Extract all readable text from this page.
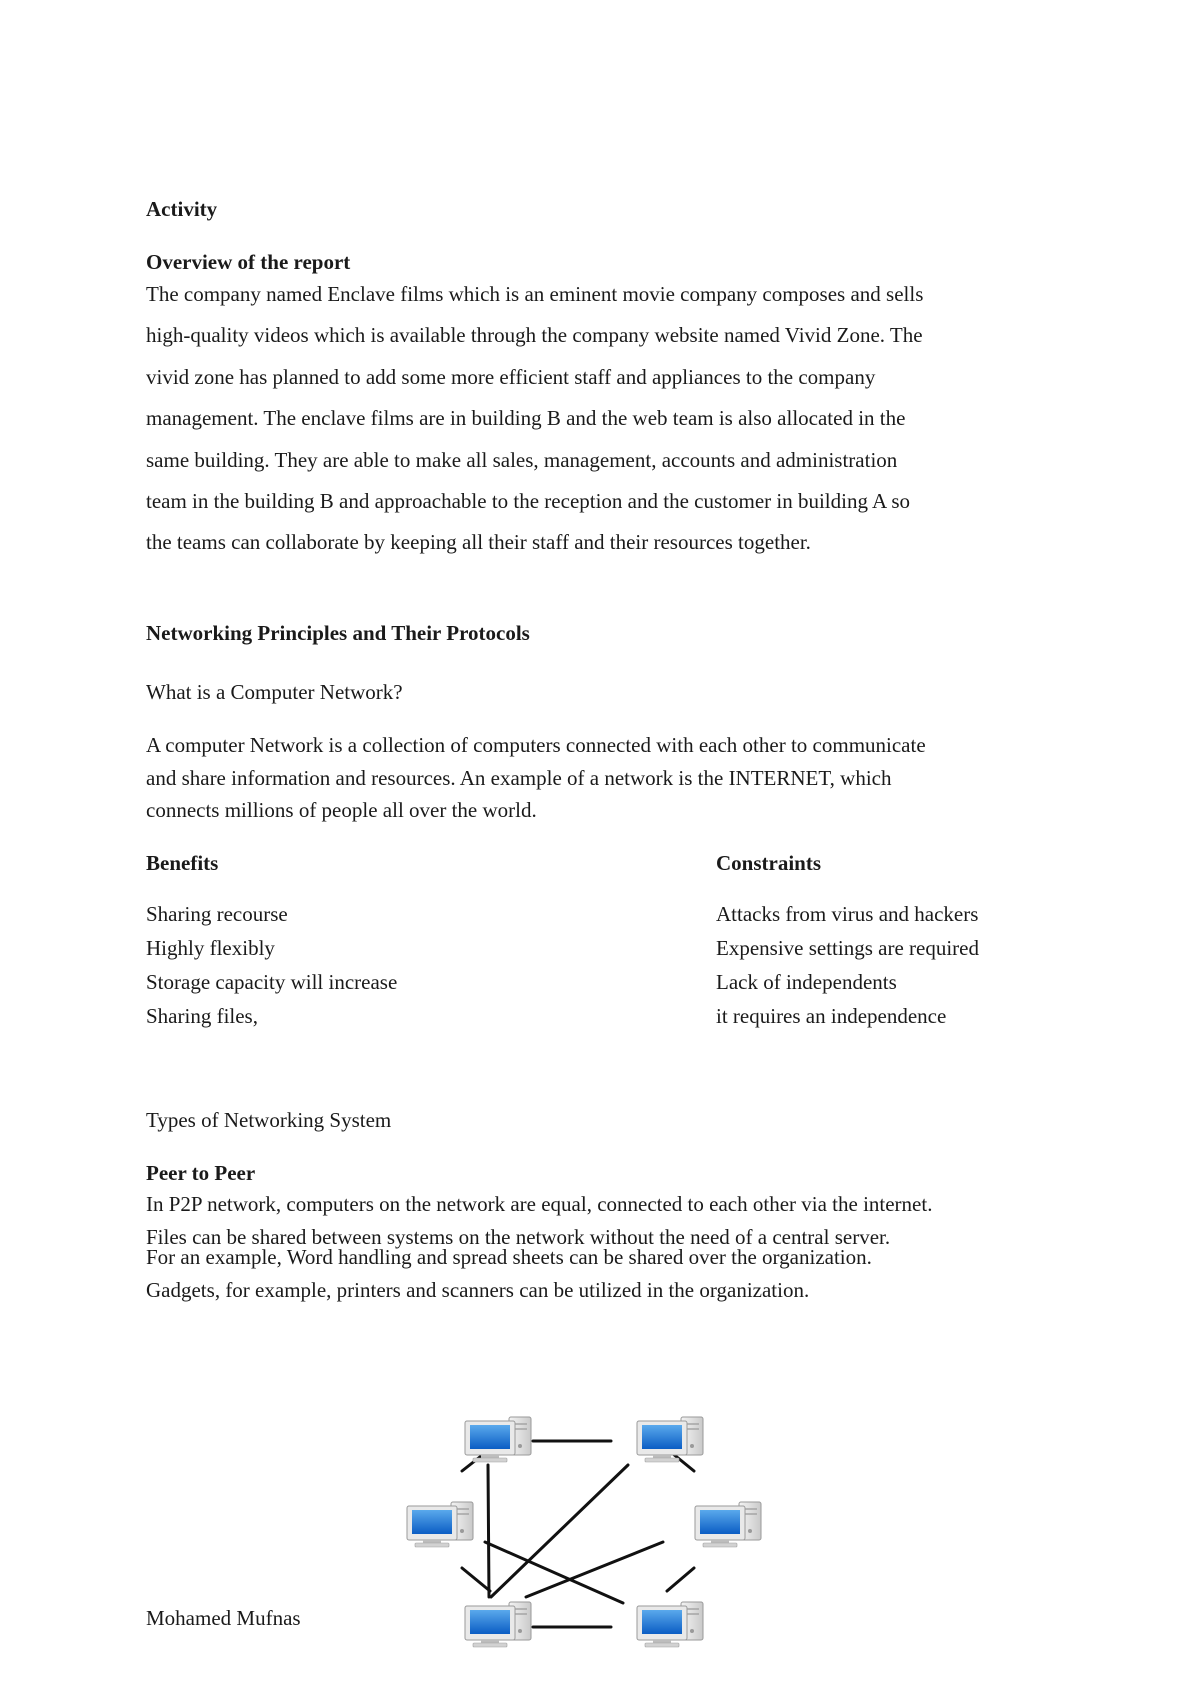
Activity
Overview of the report
The company named Enclave films which is an eminent movie company composes and sells
high-quality videos which is available through the company website named Vivid Zone. The
vivid zone has planned to add some more efficient staff and appliances to the company
management. The enclave films are in building B and the web team is also allocated in the
same building. They are able to make all sales, management, accounts and administration
team in the building B and approachable to the reception and the customer in building A so
the teams can collaborate by keeping all their staff and their resources together.
Networking Principles and Their Protocols
What is a Computer Network?
A computer Network is a collection of computers connected with each other to communicate
and share information and resources. An example of a network is the INTERNET, which
connects millions of people all over the world.
Benefits	Constraints
Sharing recourse
Highly flexibly
Storage capacity will increase
Sharing files,
Attacks from virus and hackers
Expensive settings are required
Lack of independents
it requires an independence
Types of Networking System
Peer to Peer
In P2P network, computers on the network are equal, connected to each other via the internet.
Files can be shared between systems on the network without the need of a central server.
For an example, Word handling and spread sheets can be shared over the organization.
Gadgets, for example, printers and scanners can be utilized in the organization.
Mohamed Mufnas
